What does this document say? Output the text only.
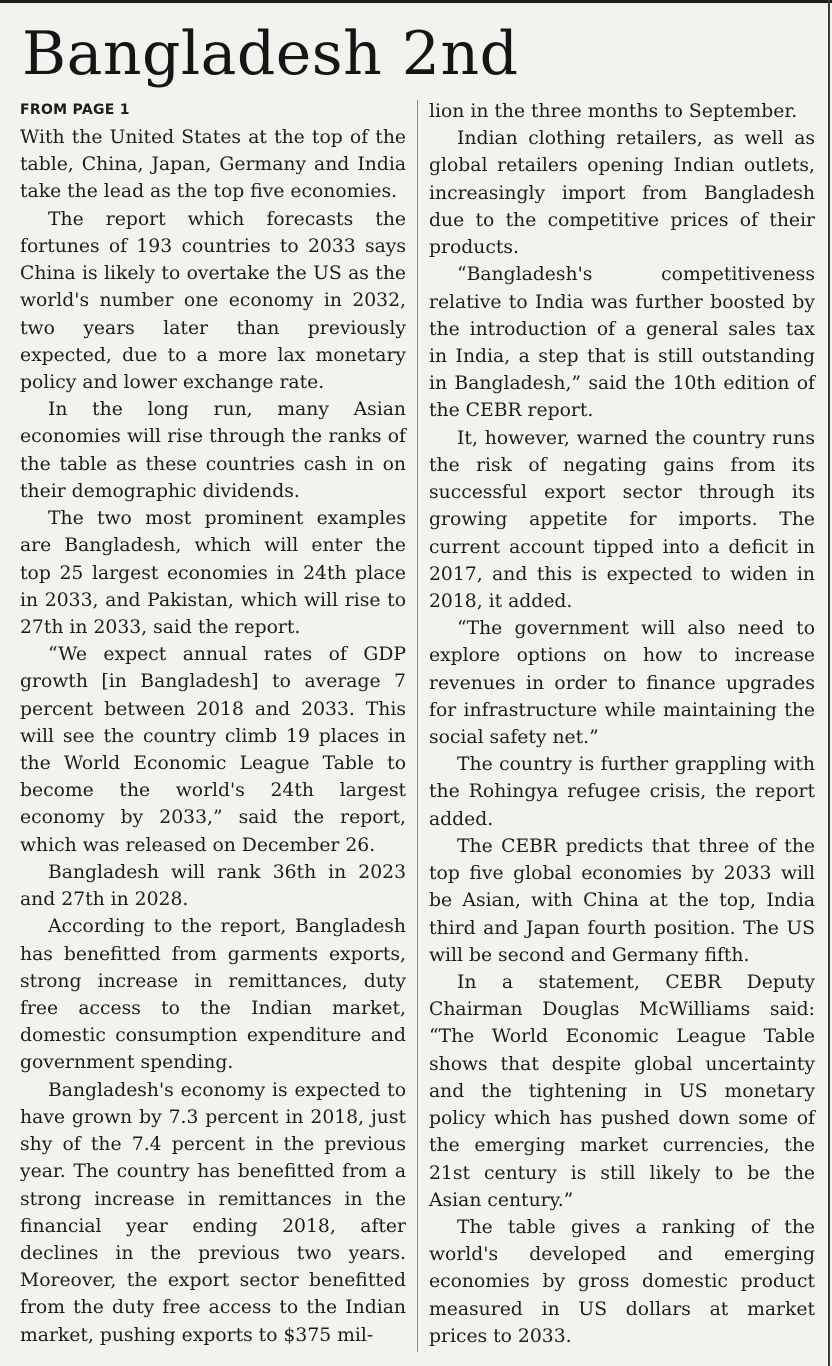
Bangladesh 2nd
FROM PAGE 1

With the United States at the top of the table, China, Japan, Germany and India take the lead as the top five economies.

The report which forecasts the fortunes of 193 countries to 2033 says China is likely to overtake the US as the world's number one economy in 2032, two years later than previously expected, due to a more lax monetary policy and lower exchange rate.

In the long run, many Asian economies will rise through the ranks of the table as these countries cash in on their demographic dividends.

The two most prominent examples are Bangladesh, which will enter the top 25 largest economies in 24th place in 2033, and Pakistan, which will rise to 27th in 2033, said the report.

“We expect annual rates of GDP growth [in Bangladesh] to average 7 percent between 2018 and 2033. This will see the country climb 19 places in the World Economic League Table to become the world's 24th largest economy by 2033,” said the report, which was released on December 26.

Bangladesh will rank 36th in 2023 and 27th in 2028.

According to the report, Bangladesh has benefitted from garments exports, strong increase in remittances, duty free access to the Indian market, domestic consumption expenditure and government spending.

Bangladesh's economy is expected to have grown by 7.3 percent in 2018, just shy of the 7.4 percent in the previous year. The country has benefitted from a strong increase in remittances in the financial year ending 2018, after declines in the previous two years. Moreover, the export sector benefitted from the duty free access to the Indian market, pushing exports to $375 mil-

lion in the three months to September.

Indian clothing retailers, as well as global retailers opening Indian outlets, increasingly import from Bangladesh due to the competitive prices of their products.

“Bangladesh's competitiveness relative to India was further boosted by the introduction of a general sales tax in India, a step that is still outstanding in Bangladesh,” said the 10th edition of the CEBR report.

It, however, warned the country runs the risk of negating gains from its successful export sector through its growing appetite for imports. The current account tipped into a deficit in 2017, and this is expected to widen in 2018, it added.

“The government will also need to explore options on how to increase revenues in order to finance upgrades for infrastructure while maintaining the social safety net.”

The country is further grappling with the Rohingya refugee crisis, the report added.

The CEBR predicts that three of the top five global economies by 2033 will be Asian, with China at the top, India third and Japan fourth position. The US will be second and Germany fifth.

In a statement, CEBR Deputy Chairman Douglas McWilliams said: “The World Economic League Table shows that despite global uncertainty and the tightening in US monetary policy which has pushed down some of the emerging market currencies, the 21st century is still likely to be the Asian century.”

The table gives a ranking of the world's developed and emerging economies by gross domestic product measured in US dollars at market prices to 2033.
